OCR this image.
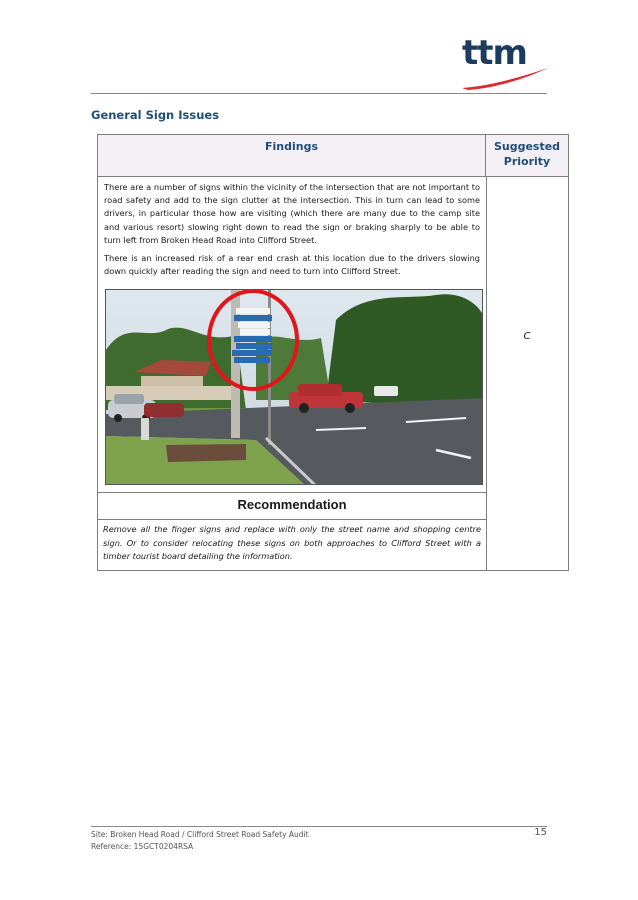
ttm
General Sign Issues
Findings	Suggested
Priority

There are a number of signs within the vicinity of the intersection that are not important to road safety and add to the sign clutter at the intersection. This in turn can lead to some drivers, in particular those how are visiting (which there are many due to the camp site and various resort) slowing right down to read the sign or braking sharply to be able to turn left from Broken Head Road into Clifford Street.

There is an increased risk of a rear end crash at this location due to the drivers slowing down quickly after reading the sign and need to turn into Clifford Street.

C
Recommendation
Remove all the finger signs and replace with only the street name and shopping centre sign. Or to consider relocating these signs on both approaches to Clifford Street with a timber tourist board detailing the information.
Site: Broken Head Road / Clifford Street Road Safety Audit
Reference: 15GCT0204RSA
15
